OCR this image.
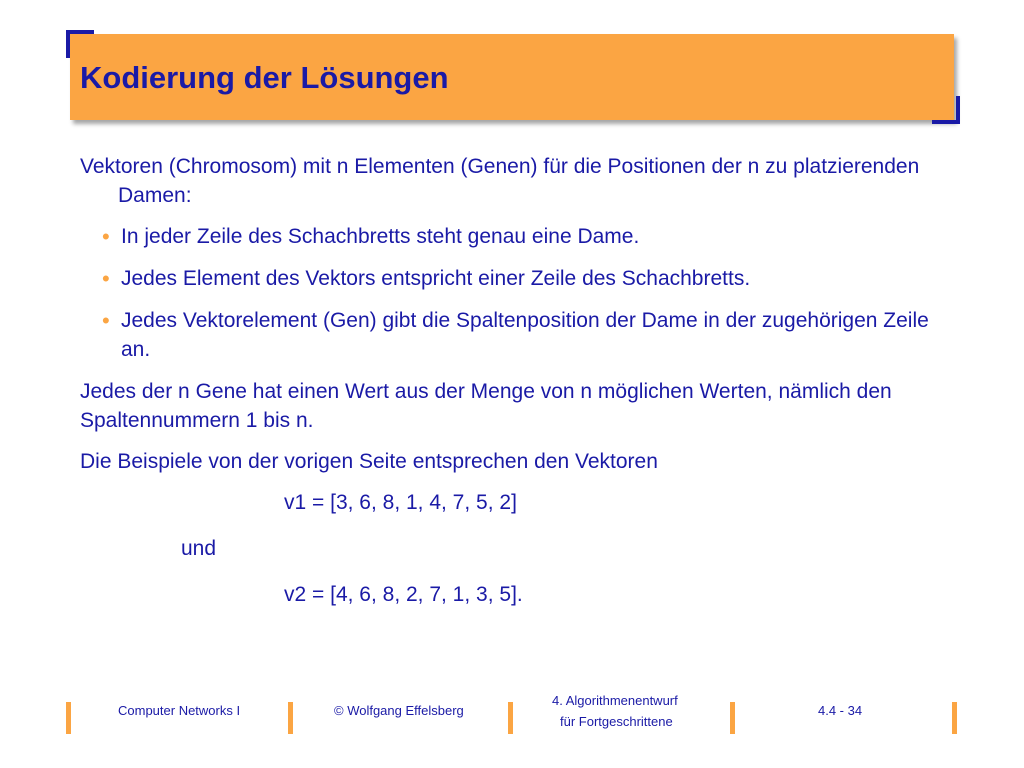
Kodierung der Lösungen

Vektoren (Chromosom) mit n Elementen (Genen) für die Positionen der n zu platzierenden Damen:

• In jeder Zeile des Schachbretts steht genau eine Dame.
• Jedes Element des Vektors entspricht einer Zeile des Schachbretts.
• Jedes Vektorelement (Gen) gibt die Spaltenposition der Dame in der zugehörigen Zeile an.

Jedes der n Gene hat einen Wert aus der Menge von n möglichen Werten, nämlich den Spaltennummern 1 bis n.

Die Beispiele von der vorigen Seite entsprechen den Vektoren

v1 = [3, 6, 8, 1, 4, 7, 5, 2]

und

v2 = [4, 6, 8, 2, 7, 1, 3, 5].

Computer Networks I	© Wolfgang Effelsberg
4. Algorithmenentwurf
für Fortgeschrittene
4.4 - 34
